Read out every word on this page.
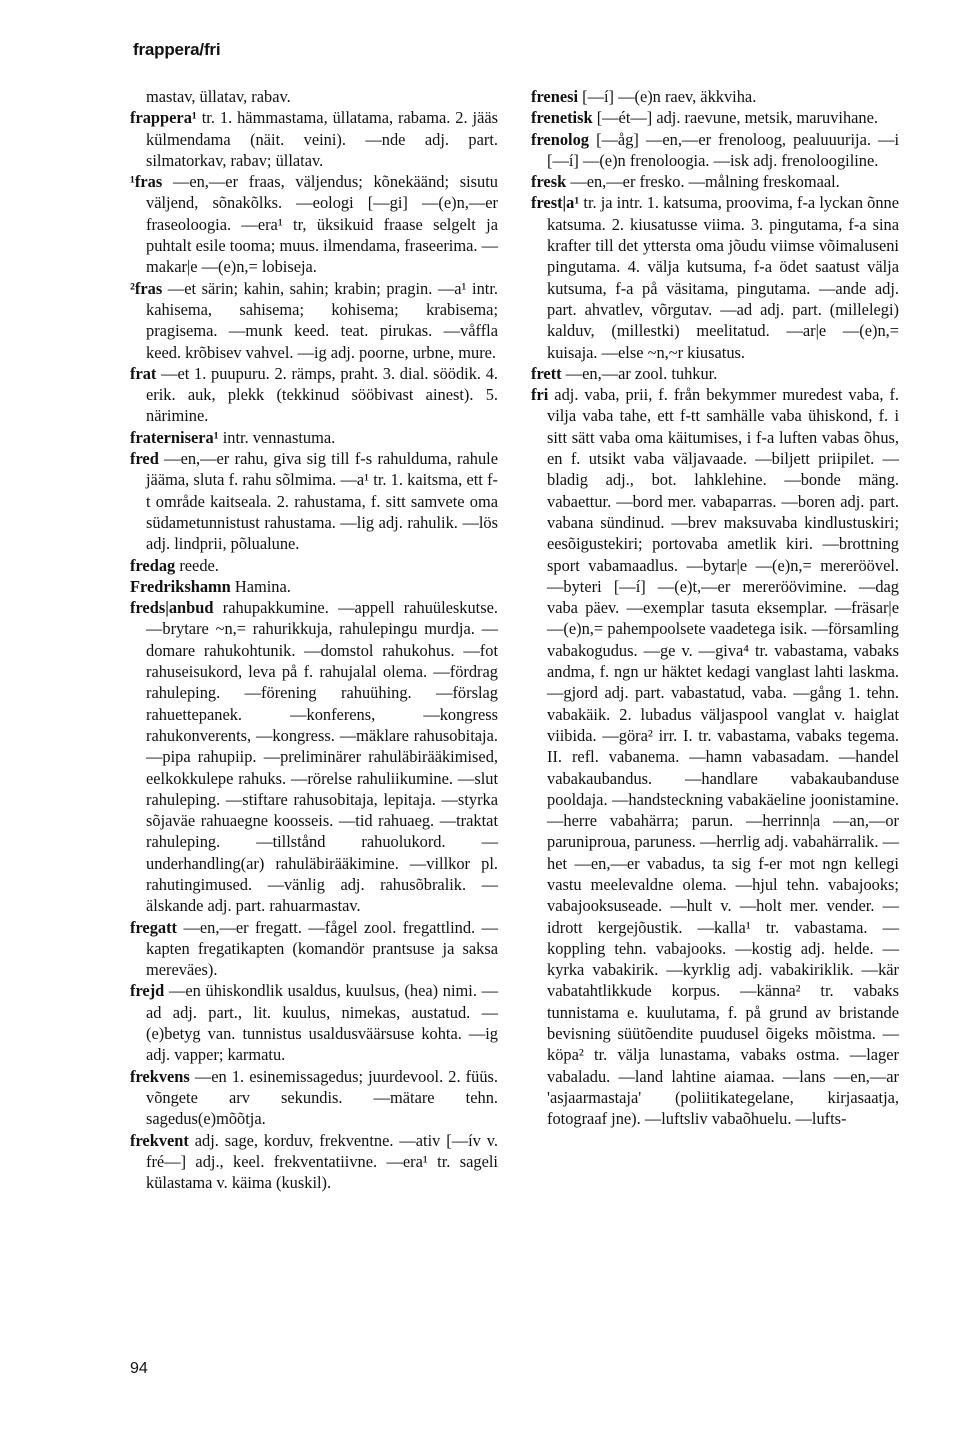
frappera/fri

mastav, üllatav, rabav.

frappera¹ tr. 1. hämmastama, üllatama, rabama. 2. jääs külmendama (näit. veini). —nde adj. part. silmatorkav, rabav; üllatav.

¹fras —en,—er fraas, väljendus; kõnekäänd; sisutu väljend, sõnakõlks. —eologi [—gi] —(e)n,—er fraseoloogia. —era¹ tr, üksikuid fraase selgelt ja puhtalt esile tooma; muus. ilmendama, fraseerima. —makar|e —(e)n,= lobiseja.

²fras —et särin; kahin, sahin; krabin; pragin. —a¹ intr. kahisema, sahisema; kohisema; krabisema; pragisema. —munk keed. teat. pirukas. —våffla keed. krõbisev vahvel. —ig adj. poorne, urbne, mure.

frat —et 1. puupuru. 2. rämps, praht. 3. dial. söödik. 4. erik. auk, plekk (tekkinud sööbivast ainest). 5. närimine.

fraternisera¹ intr. vennastuma.

fred —en,—er rahu, giva sig till f-s rahulduma, rahule jääma, sluta f. rahu sõlmima. —a¹ tr. 1. kaitsma, ett f-t område kaitseala. 2. rahustama, f. sitt samvete oma südametunnistust rahustama. —lig adj. rahulik. —lös adj. lindprii, põlualune.

fredag reede.

Fredrikshamn Hamina.

freds|anbud rahupakkumine. —appell rahuüleskutse. —brytare ~n,= rahurikkuja, rahulepingu murdja. —domare rahukohtunik. —domstol rahukohus. —fot rahuseisukord, leva på f. rahujalal olema. —fördrag rahuleping. —förening rahuühing. —förslag rahuettepanek. —konferens, —kongress rahukonverents, —kongress. —mäklare rahusobitaja. —pipa rahupiip. —preliminärer rahuläbirääkimised, eelkokkulepe rahuks. —rörelse rahuliikumine. —slut rahuleping. —stiftare rahusobitaja, lepitaja. —styrka sõjaväe rahuaegne koosseis. —tid rahuaeg. —traktat rahuleping. —tillstånd rahuolukord. —underhandling(ar) rahuläbirääkimine. —villkor pl. rahutingimused. —vänlig adj. rahusõbralik. —älskande adj. part. rahuarmastav.

fregatt —en,—er fregatt. —fågel zool. fregattlind. —kapten fregatikapten (komandör prantsuse ja saksa mereväes).

frejd —en ühiskondlik usaldus, kuulsus, (hea) nimi. —ad adj. part., lit. kuulus, nimekas, austatud. —(e)betyg van. tunnistus usaldusväärsuse kohta. —ig adj. vapper; karmatu.

frekvens —en 1. esinemissagedus; juurdevool. 2. füüs. võngete arv sekundis. —mätare tehn. sagedus(e)mõõtja.

frekvent adj. sage, korduv, frekventne. —ativ [—ív v. fré—] adj., keel. frekventatiivne. —era¹ tr. sageli külastama v. käima (kuskil).

frenesi [—í] —(e)n raev, äkkviha.

frenetisk [—ét—] adj. raevune, metsik, maruvihane.

frenolog [—åg] —en,—er frenoloog, pealuuurija. —i [—í] —(e)n frenoloogia. —isk adj. frenoloogiline.

fresk —en,—er fresko. —målning freskomaal.

frest|a¹ tr. ja intr. 1. katsuma, proovima, f-a lyckan õnne katsuma. 2. kiusatusse viima. 3. pingutama, f-a sina krafter till det yttersta oma jõudu viimse võimaluseni pingutama. 4. välja kutsuma, f-a ödet saatust välja kutsuma, f-a på väsitama, pingutama. —ande adj. part. ahvatlev, võrgutav. —ad adj. part. (millelegi) kalduv, (millestki) meelitatud. —ar|e —(e)n,= kuisaja. —else ~n,~r kiusatus.

frett —en,—ar zool. tuhkur.

fri adj. vaba, prii, f. från bekymmer muredest vaba, f. vilja vaba tahe, ett f-tt samhälle vaba ühiskond, f. i sitt sätt vaba oma käitumises, i f-a luften vabas õhus, en f. utsikt vaba väljavaade. —biljett priipilet. —bladig adj., bot. lahklehine. —bonde mäng. vabaettur. —bord mer. vabaparras. —boren adj. part. vabana sündinud. —brev maksuvaba kindlustuskiri; eesõigustekiri; portovaba ametlik kiri. —brottning sport vabamaadlus. —bytar|e —(e)n,= mereröövel. —byteri [—í] —(e)t,—er mereröövimine. —dag vaba päev. —exemplar tasuta eksemplar. —fräsar|e —(e)n,= pahempoolsete vaadetega isik. —församling vabakogudus. —ge v. —giva⁴ tr. vabastama, vabaks andma, f. ngn ur häktet kedagi vanglast lahti laskma. —gjord adj. part. vabastatud, vaba. —gång 1. tehn. vabakäik. 2. lubadus väljaspool vanglat v. haiglat viibida. —göra² irr. I. tr. vabastama, vabaks tegema. II. refl. vabanema. —hamn vabasadam. —handel vabakaubandus. —handlare vabakaubanduse pooldaja. —handsteckning vabakäeline joonistamine. —herre vabahärra; parun. —herrinn|a —an,—or paruniproua, paruness. —herrlig adj. vabahärralik. —het —en,—er vabadus, ta sig f-er mot ngn kellegi vastu meelevaldne olema. —hjul tehn. vabajooks; vabajooksuseade. —hult v. —holt mer. vender. —idrott kergejõustik. —kalla¹ tr. vabastama. —koppling tehn. vabajooks. —kostig adj. helde. —kyrka vabakirik. —kyrklig adj. vabakiriklik. —kär vabatahtlikkude korpus. —känna² tr. vabaks tunnistama e. kuulutama, f. på grund av bristande bevisning süütõendite puudusel õigeks mõistma. —köpa² tr. välja lunastama, vabaks ostma. —lager vabaladu. —land lahtine aiamaa. —lans —en,—ar 'asjaarmastaja' (poliitikategelane, kirjasaatja, fotograaf jne). —luftsliv vabaõhuelu. —lufts-

94
